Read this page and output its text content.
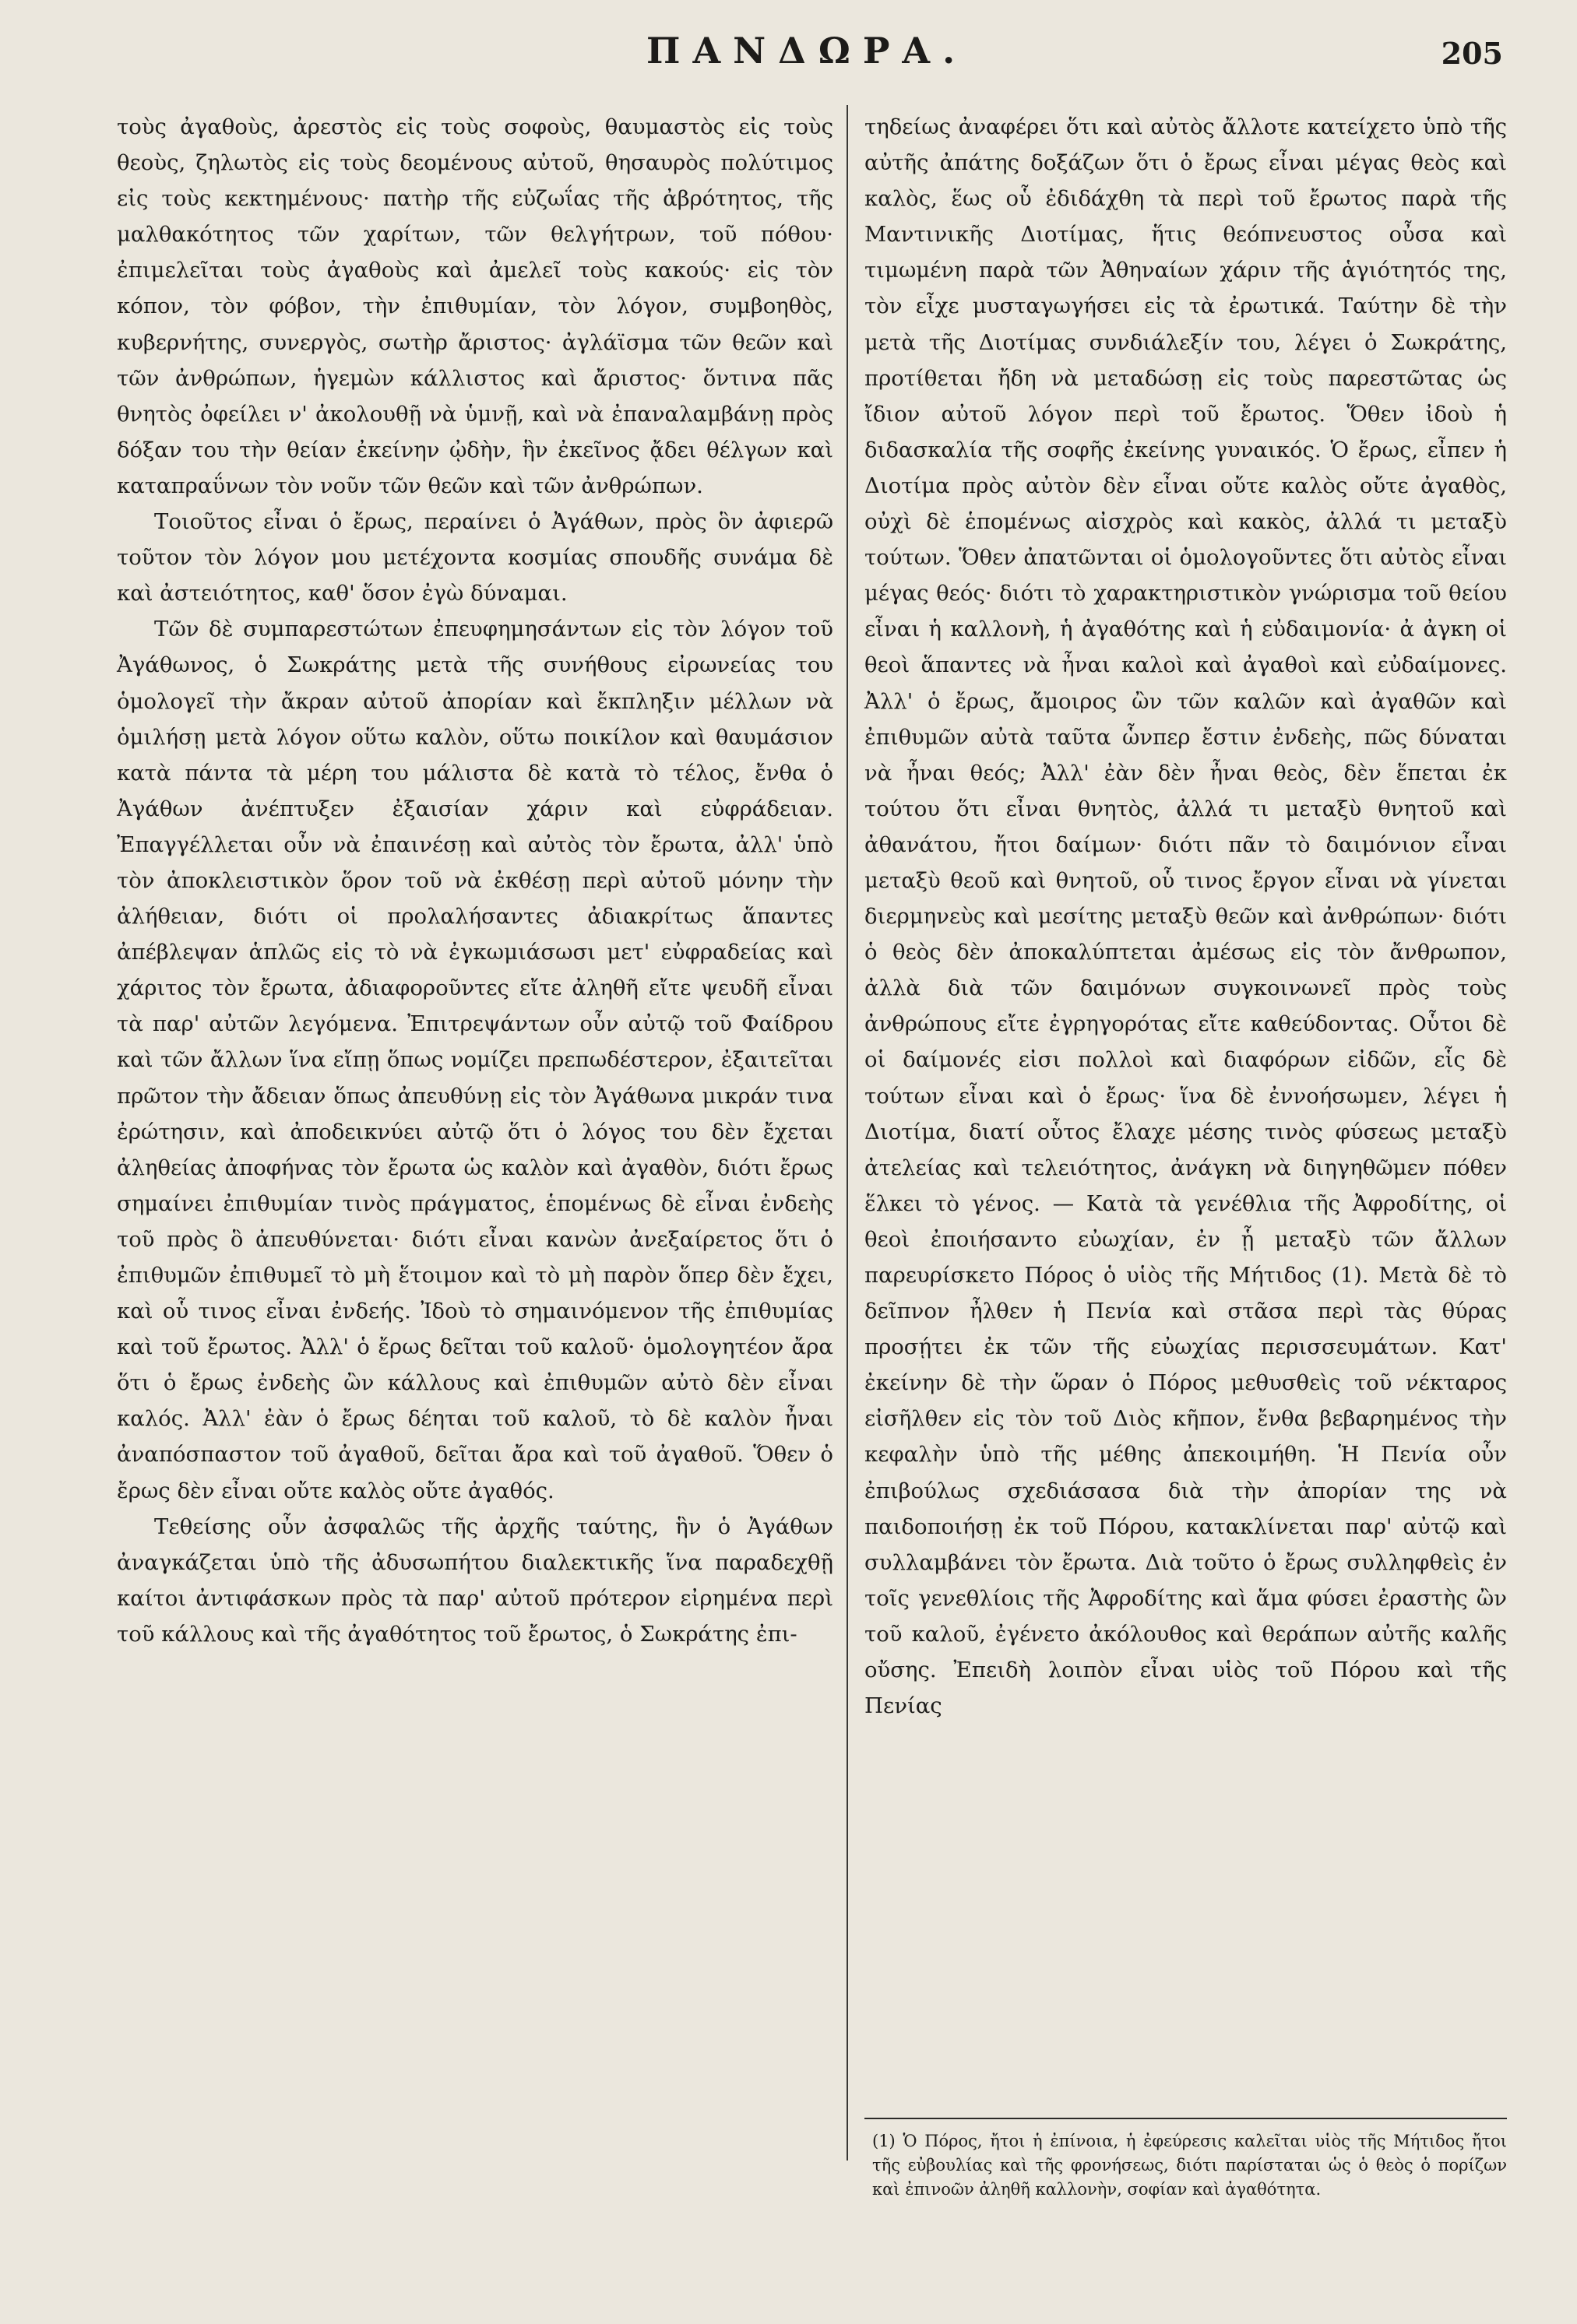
ΠΑΝΔΩΡΑ.	205

τοὺς ἀγαθοὺς, ἀρεστὸς εἰς τοὺς σοφοὺς, θαυμαστὸς εἰς τοὺς θεοὺς, ζηλωτὸς εἰς τοὺς δεομένους αὐτοῦ, θησαυρὸς πολύτιμος εἰς τοὺς κεκτημένους· πατὴρ τῆς εὐζωΐας τῆς ἀβρότητος, τῆς μαλθακότητος τῶν χαρίτων, τῶν θελγήτρων, τοῦ πόθου· ἐπιμελεῖται τοὺς ἀγαθοὺς καὶ ἀμελεῖ τοὺς κακούς· εἰς τὸν κόπον, τὸν φόβον, τὴν ἐπιθυμίαν, τὸν λόγον, συμβοηθὸς, κυβερνήτης, συνεργὸς, σωτὴρ ἄριστος· ἀγλάϊσμα τῶν θεῶν καὶ τῶν ἀνθρώπων, ἡγεμὼν κάλλιστος καὶ ἄριστος· ὅντινα πᾶς θνητὸς ὀφείλει ν' ἀκολουθῇ νὰ ὑμνῇ, καὶ νὰ ἐπαναλαμβάνῃ πρὸς δόξαν του τὴν θείαν ἐκείνην ᾠδὴν, ἣν ἐκεῖνος ᾄδει θέλγων καὶ καταπραΰνων τὸν νοῦν τῶν θεῶν καὶ τῶν ἀνθρώπων.

Τοιοῦτος εἶναι ὁ ἔρως, περαίνει ὁ Ἀγάθων, πρὸς ὃν ἀφιερῶ τοῦτον τὸν λόγον μου μετέχοντα κοσμίας σπουδῆς συνάμα δὲ καὶ ἀστειότητος, καθ' ὅσον ἐγὼ δύναμαι.

Τῶν δὲ συμπαρεστώτων ἐπευφημησάντων εἰς τὸν λόγον τοῦ Ἀγάθωνος, ὁ Σωκράτης μετὰ τῆς συνήθους εἰρωνείας του ὁμολογεῖ τὴν ἄκραν αὐτοῦ ἀπορίαν καὶ ἔκπληξιν μέλλων νὰ ὁμιλήσῃ μετὰ λόγον οὕτω καλὸν, οὕτω ποικίλον καὶ θαυμάσιον κατὰ πάντα τὰ μέρη του μάλιστα δὲ κατὰ τὸ τέλος, ἔνθα ὁ Ἀγάθων ἀνέπτυξεν ἐξαισίαν χάριν καὶ εὐφράδειαν. Ἐπαγγέλλεται οὖν νὰ ἐπαινέσῃ καὶ αὐτὸς τὸν ἔρωτα, ἀλλ' ὑπὸ τὸν ἀποκλειστικὸν ὅρον τοῦ νὰ ἐκθέσῃ περὶ αὐτοῦ μόνην τὴν ἀλήθειαν, διότι οἱ προλαλήσαντες ἀδιακρίτως ἅπαντες ἀπέβλεψαν ἁπλῶς εἰς τὸ νὰ ἐγκωμιάσωσι μετ' εὐφραδείας καὶ χάριτος τὸν ἔρωτα, ἀδιαφοροῦντες εἴτε ἀληθῆ εἴτε ψευδῆ εἶναι τὰ παρ' αὐτῶν λεγόμενα. Ἐπιτρεψάντων οὖν αὐτῷ τοῦ Φαίδρου καὶ τῶν ἄλλων ἵνα εἴπῃ ὅπως νομίζει πρεπωδέστερον, ἐξαιτεῖται πρῶτον τὴν ἄδειαν ὅπως ἀπευθύνῃ εἰς τὸν Ἀγάθωνα μικράν τινα ἐρώτησιν, καὶ ἀποδεικνύει αὐτῷ ὅτι ὁ λόγος του δὲν ἔχεται ἀληθείας ἀποφήνας τὸν ἔρωτα ὡς καλὸν καὶ ἀγαθὸν, διότι ἔρως σημαίνει ἐπιθυμίαν τινὸς πράγματος, ἑπομένως δὲ εἶναι ἐνδεὴς τοῦ πρὸς ὃ ἀπευθύνεται· διότι εἶναι κανὼν ἀνεξαίρετος ὅτι ὁ ἐπιθυμῶν ἐπιθυμεῖ τὸ μὴ ἕτοιμον καὶ τὸ μὴ παρὸν ὅπερ δὲν ἔχει, καὶ οὗ τινος εἶναι ἐνδεής. Ἰδοὺ τὸ σημαινόμενον τῆς ἐπιθυμίας καὶ τοῦ ἔρωτος. Ἀλλ' ὁ ἔρως δεῖται τοῦ καλοῦ· ὁμολογητέον ἄρα ὅτι ὁ ἔρως ἐνδεὴς ὢν κάλλους καὶ ἐπιθυμῶν αὐτὸ δὲν εἶναι καλός. Ἀλλ' ἐὰν ὁ ἔρως δέηται τοῦ καλοῦ, τὸ δὲ καλὸν ἦναι ἀναπόσπαστον τοῦ ἀγαθοῦ, δεῖται ἄρα καὶ τοῦ ἀγαθοῦ. Ὅθεν ὁ ἔρως δὲν εἶναι οὔτε καλὸς οὔτε ἀγαθός.

Τεθείσης οὖν ἀσφαλῶς τῆς ἀρχῆς ταύτης, ἣν ὁ Ἀγάθων ἀναγκάζεται ὑπὸ τῆς ἀδυσωπήτου διαλεκτικῆς ἵνα παραδεχθῇ καίτοι ἀντιφάσκων πρὸς τὰ παρ' αὐτοῦ πρότερον εἰρημένα περὶ τοῦ κάλλους καὶ τῆς ἀγαθότητος τοῦ ἔρωτος, ὁ Σωκράτης ἐπι-

τηδείως ἀναφέρει ὅτι καὶ αὐτὸς ἄλλοτε κατείχετο ὑπὸ τῆς αὐτῆς ἀπάτης δοξάζων ὅτι ὁ ἔρως εἶναι μέγας θεὸς καὶ καλὸς, ἕως οὗ ἐδιδάχθη τὰ περὶ τοῦ ἔρωτος παρὰ τῆς Μαντινικῆς Διοτίμας, ἥτις θεόπνευστος οὖσα καὶ τιμωμένη παρὰ τῶν Ἀθηναίων χάριν τῆς ἁγιότητός της, τὸν εἶχε μυσταγωγήσει εἰς τὰ ἐρωτικά. Ταύτην δὲ τὴν μετὰ τῆς Διοτίμας συνδιάλεξίν του, λέγει ὁ Σωκράτης, προτίθεται ἤδη νὰ μεταδώσῃ εἰς τοὺς παρεστῶτας ὡς ἴδιον αὐτοῦ λόγον περὶ τοῦ ἔρωτος. Ὅθεν ἰδοὺ ἡ διδασκαλία τῆς σοφῆς ἐκείνης γυναικός. Ὁ ἔρως, εἶπεν ἡ Διοτίμα πρὸς αὐτὸν δὲν εἶναι οὔτε καλὸς οὔτε ἀγαθὸς, οὐχὶ δὲ ἑπομένως αἰσχρὸς καὶ κακὸς, ἀλλά τι μεταξὺ τούτων. Ὅθεν ἀπατῶνται οἱ ὁμολογοῦντες ὅτι αὐτὸς εἶναι μέγας θεός· διότι τὸ χαρακτηριστικὸν γνώρισμα τοῦ θείου εἶναι ἡ καλλονὴ, ἡ ἀγαθότης καὶ ἡ εὐδαιμονία· ἀ ἀγκη οἱ θεοὶ ἅπαντες νὰ ἦναι καλοὶ καὶ ἀγαθοὶ καὶ εὐδαίμονες. Ἀλλ' ὁ ἔρως, ἄμοιρος ὢν τῶν καλῶν καὶ ἀγαθῶν καὶ ἐπιθυμῶν αὐτὰ ταῦτα ὧνπερ ἔστιν ἐνδεὴς, πῶς δύναται νὰ ἦναι θεός; Ἀλλ' ἐὰν δὲν ἦναι θεὸς, δὲν ἕπεται ἐκ τούτου ὅτι εἶναι θνητὸς, ἀλλά τι μεταξὺ θνητοῦ καὶ ἀθανάτου, ἤτοι δαίμων· διότι πᾶν τὸ δαιμόνιον εἶναι μεταξὺ θεοῦ καὶ θνητοῦ, οὗ τινος ἔργον εἶναι νὰ γίνεται διερμηνεὺς καὶ μεσίτης μεταξὺ θεῶν καὶ ἀνθρώπων· διότι ὁ θεὸς δὲν ἀποκαλύπτεται ἀμέσως εἰς τὸν ἄνθρωπον, ἀλλὰ διὰ τῶν δαιμόνων συγκοινωνεῖ πρὸς τοὺς ἀνθρώπους εἴτε ἐγρηγορότας εἴτε καθεύδοντας. Οὗτοι δὲ οἱ δαίμονές εἰσι πολλοὶ καὶ διαφόρων εἰδῶν, εἷς δὲ τούτων εἶναι καὶ ὁ ἔρως· ἵνα δὲ ἐννοήσωμεν, λέγει ἡ Διοτίμα, διατί οὗτος ἔλαχε μέσης τινὸς φύσεως μεταξὺ ἀτελείας καὶ τελειότητος, ἀνάγκη νὰ διηγηθῶμεν πόθεν ἕλκει τὸ γένος. — Κατὰ τὰ γενέθλια τῆς Ἀφροδίτης, οἱ θεοὶ ἐποιήσαντο εὐωχίαν, ἐν ᾗ μεταξὺ τῶν ἄλλων παρευρίσκετο Πόρος ὁ υἱὸς τῆς Μήτιδος (1). Μετὰ δὲ τὸ δεῖπνον ἦλθεν ἡ Πενία καὶ στᾶσα περὶ τὰς θύρας προσῄτει ἐκ τῶν τῆς εὐωχίας περισσευμάτων. Κατ' ἐκείνην δὲ τὴν ὥραν ὁ Πόρος μεθυσθεὶς τοῦ νέκταρος εἰσῆλθεν εἰς τὸν τοῦ Διὸς κῆπον, ἔνθα βεβαρημένος τὴν κεφαλὴν ὑπὸ τῆς μέθης ἀπεκοιμήθη. Ἡ Πενία οὖν ἐπιβούλως σχεδιάσασα διὰ τὴν ἀπορίαν της νὰ παιδοποιήσῃ ἐκ τοῦ Πόρου, κατακλίνεται παρ' αὐτῷ καὶ συλλαμβάνει τὸν ἔρωτα. Διὰ τοῦτο ὁ ἔρως συλληφθεὶς ἐν τοῖς γενεθλίοις τῆς Ἀφροδίτης καὶ ἅμα φύσει ἐραστὴς ὢν τοῦ καλοῦ, ἐγένετο ἀκόλουθος καὶ θεράπων αὐτῆς καλῆς οὔσης. Ἐπειδὴ λοιπὸν εἶναι υἱὸς τοῦ Πόρου καὶ τῆς Πενίας

(1) Ὁ Πόρος, ἤτοι ἡ ἐπίνοια, ἡ ἐφεύρεσις καλεῖται υἱὸς τῆς Μήτιδος ἤτοι τῆς εὐβουλίας καὶ τῆς φρονήσεως, διότι παρίσταται ὡς ὁ θεὸς ὁ πορίζων καὶ ἐπινοῶν ἀληθῆ καλλονὴν, σοφίαν καὶ ἀγαθότητα.
